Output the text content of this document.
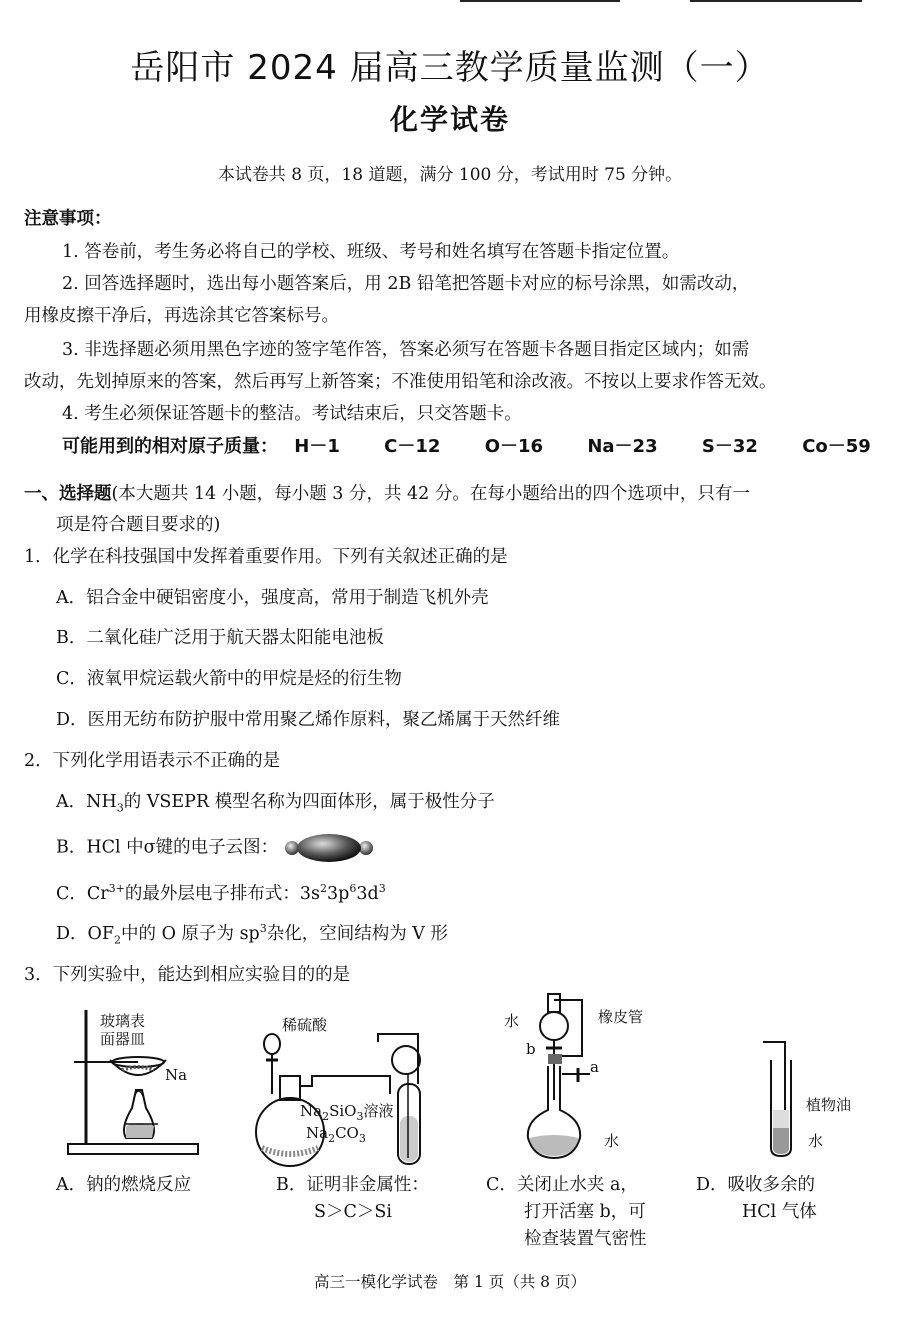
岳阳市 2024 届高三教学质量监测（一）
化学试卷
本试卷共 8 页，18 道题，满分 100 分，考试用时 75 分钟。
注意事项：
1. 答卷前，考生务必将自己的学校、班级、考号和姓名填写在答题卡指定位置。
2. 回答选择题时，选出每小题答案后，用 2B 铅笔把答题卡对应的标号涂黑，如需改动，
用橡皮擦干净后，再选涂其它答案标号。
3. 非选择题必须用黑色字迹的签字笔作答，答案必须写在答题卡各题目指定区域内；如需
改动，先划掉原来的答案，然后再写上新答案；不准使用铅笔和涂改液。不按以上要求作答无效。
4. 考生必须保证答题卡的整洁。考试结束后，只交答题卡。
可能用到的相对原子质量： H－1 C－12 O－16 Na－23 S－32 Co－59
一、选择题(本大题共 14 小题，每小题 3 分，共 42 分。在每小题给出的四个选项中，只有一
项是符合题目要求的)
1．化学在科技强国中发挥着重要作用。下列有关叙述正确的是
A．铝合金中硬铝密度小，强度高，常用于制造飞机外壳
B．二氧化硅广泛用于航天器太阳能电池板
C．液氧甲烷运载火箭中的甲烷是烃的衍生物
D．医用无纺布防护服中常用聚乙烯作原料，聚乙烯属于天然纤维
2．下列化学用语表示不正确的是
A．$NH_3$的 VSEPR 模型名称为四面体形，属于极性分子
B．HCl 中σ键的电子云图：
C．$Cr^{3+}$的最外层电子排布式：$3s^23p^63d^3$
D．$OF_2$中的 O 原子为 $sp^3$杂化，空间结构为 V 形
3．下列实验中，能达到相应实验目的的是
玻璃表
面器皿
Na
稀硫酸
$Na_2SiO_3$溶液
$Na_2CO_3$
水	橡皮管
b
a
水
植物油
水
A．钠的燃烧反应	B．证明非金属性：
S＞C＞Si
C．关闭止水夹 a，
打开活塞 b，可
检查装置气密性
D．吸收多余的
HCl 气体
高三一模化学试卷　第 1 页（共 8 页）
